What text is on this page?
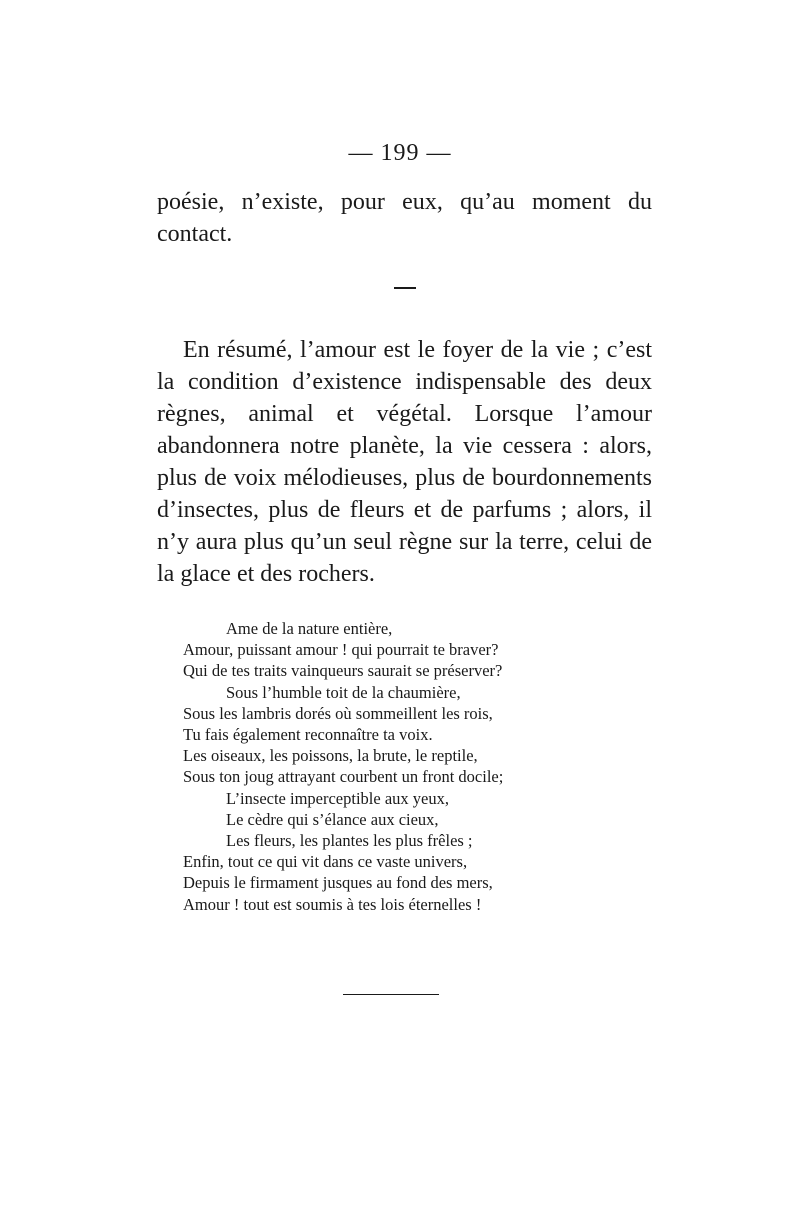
— 199 —

poésie, n’existe, pour eux, qu’au moment du contact.

En résumé, l’amour est le foyer de la vie ; c’est la condition d’existence indispensable des deux règnes, animal et végétal. Lorsque l’amour abandonnera notre planète, la vie cessera : alors, plus de voix mélodieuses, plus de bourdonnements d’insectes, plus de fleurs et de parfums ; alors, il n’y aura plus qu’un seul règne sur la terre, celui de la glace et des rochers.

Ame de la nature entière,
Amour, puissant amour ! qui pourrait te braver?
Qui de tes traits vainqueurs saurait se préserver?
Sous l’humble toit de la chaumière,
Sous les lambris dorés où sommeillent les rois,
Tu fais également reconnaître ta voix.
Les oiseaux, les poissons, la brute, le reptile,
Sous ton joug attrayant courbent un front docile;
L’insecte imperceptible aux yeux,
Le cèdre qui s’élance aux cieux,
Les fleurs, les plantes les plus frêles ;
Enfin, tout ce qui vit dans ce vaste univers,
Depuis le firmament jusques au fond des mers,
Amour ! tout est soumis à tes lois éternelles !
